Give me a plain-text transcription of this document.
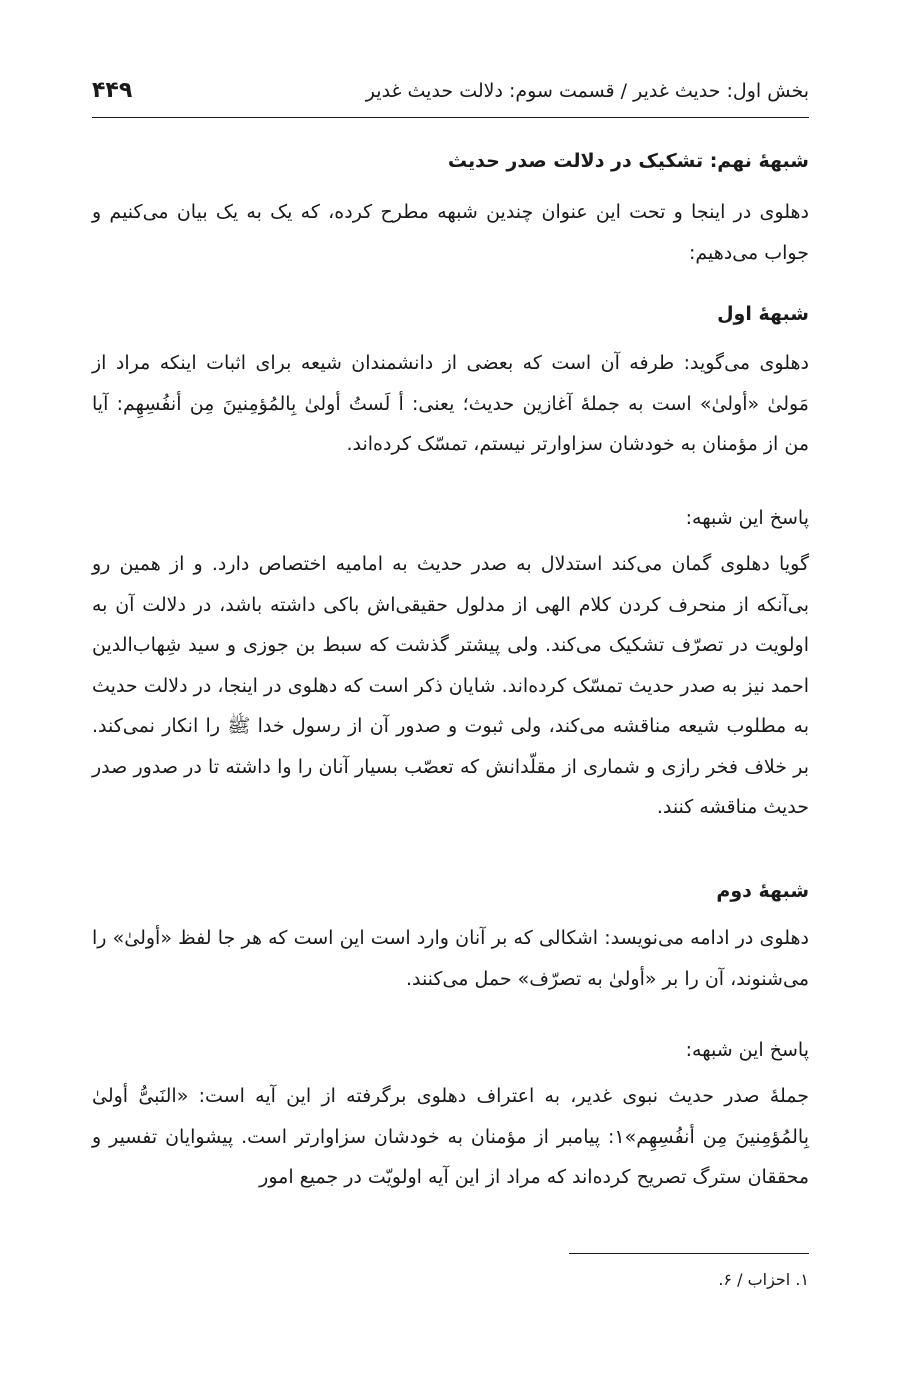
بخش اول: حدیث غدیر / قسمت سوم: دلالت حدیث غدیر
۴۴۹
شبههٔ نهم: تشکیک در دلالت صدر حدیث

دهلوی در اینجا و تحت این عنوان چندین شبهه مطرح کرده، که یک به یک بیان می‌کنیم و جواب می‌دهیم:

شبههٔ اول

دهلوی می‌گوید: طرفه آن است که بعضی از دانشمندان شیعه برای اثبات اینکه مراد از مَولیٰ «أولیٰ» است به جملهٔ آغازین حدیث؛ یعنی: أ لَستُ أولیٰ بِالمُؤمِنینَ مِن أنفُسِهِم: آیا من از مؤمنان به خودشان سزاوارتر نیستم، تمسّک کرده‌اند.

پاسخ این شبهه:

گویا دهلوی گمان می‌کند استدلال به صدر حدیث به امامیه اختصاص دارد. و از همین رو بی‌آنکه از منحرف کردن کلام الهی از مدلول حقیقی‌اش باکی داشته باشد، در دلالت آن به اولویت در تصرّف تشکیک می‌کند. ولی پیشتر گذشت که سبط بن جوزی و سید شِهاب‌الدین احمد نیز به صدر حدیث تمسّک کرده‌اند. شایان ذکر است که دهلوی در اینجا، در دلالت حدیث به مطلوب شیعه مناقشه می‌کند، ولی ثبوت و صدور آن از رسول خدا ﷺ را انکار نمی‌کند. بر خلاف فخر رازی و شماری از مقلّدانش که تعصّب بسیار آنان را وا داشته تا در صدور صدر حدیث مناقشه کنند.

شبههٔ دوم

دهلوی در ادامه می‌نویسد: اشکالی که بر آنان وارد است این است که هر جا لفظ «أولیٰ» را می‌شنوند، آن را بر «أولیٰ به تصرّف» حمل می‌کنند.

پاسخ این شبهه:

جملهٔ صدر حدیث نبوی غدیر، به اعتراف دهلوی برگرفته از این آیه است: «النَبیُّ أولیٰ بِالمُؤمِنینَ مِن أنفُسِهِم»۱: پیامبر از مؤمنان به خودشان سزاوارتر است. پیشوایان تفسیر و محققان سترگ تصریح کرده‌اند که مراد از این آیه اولویّت در جمیع امور

۱. احزاب / ۶.
